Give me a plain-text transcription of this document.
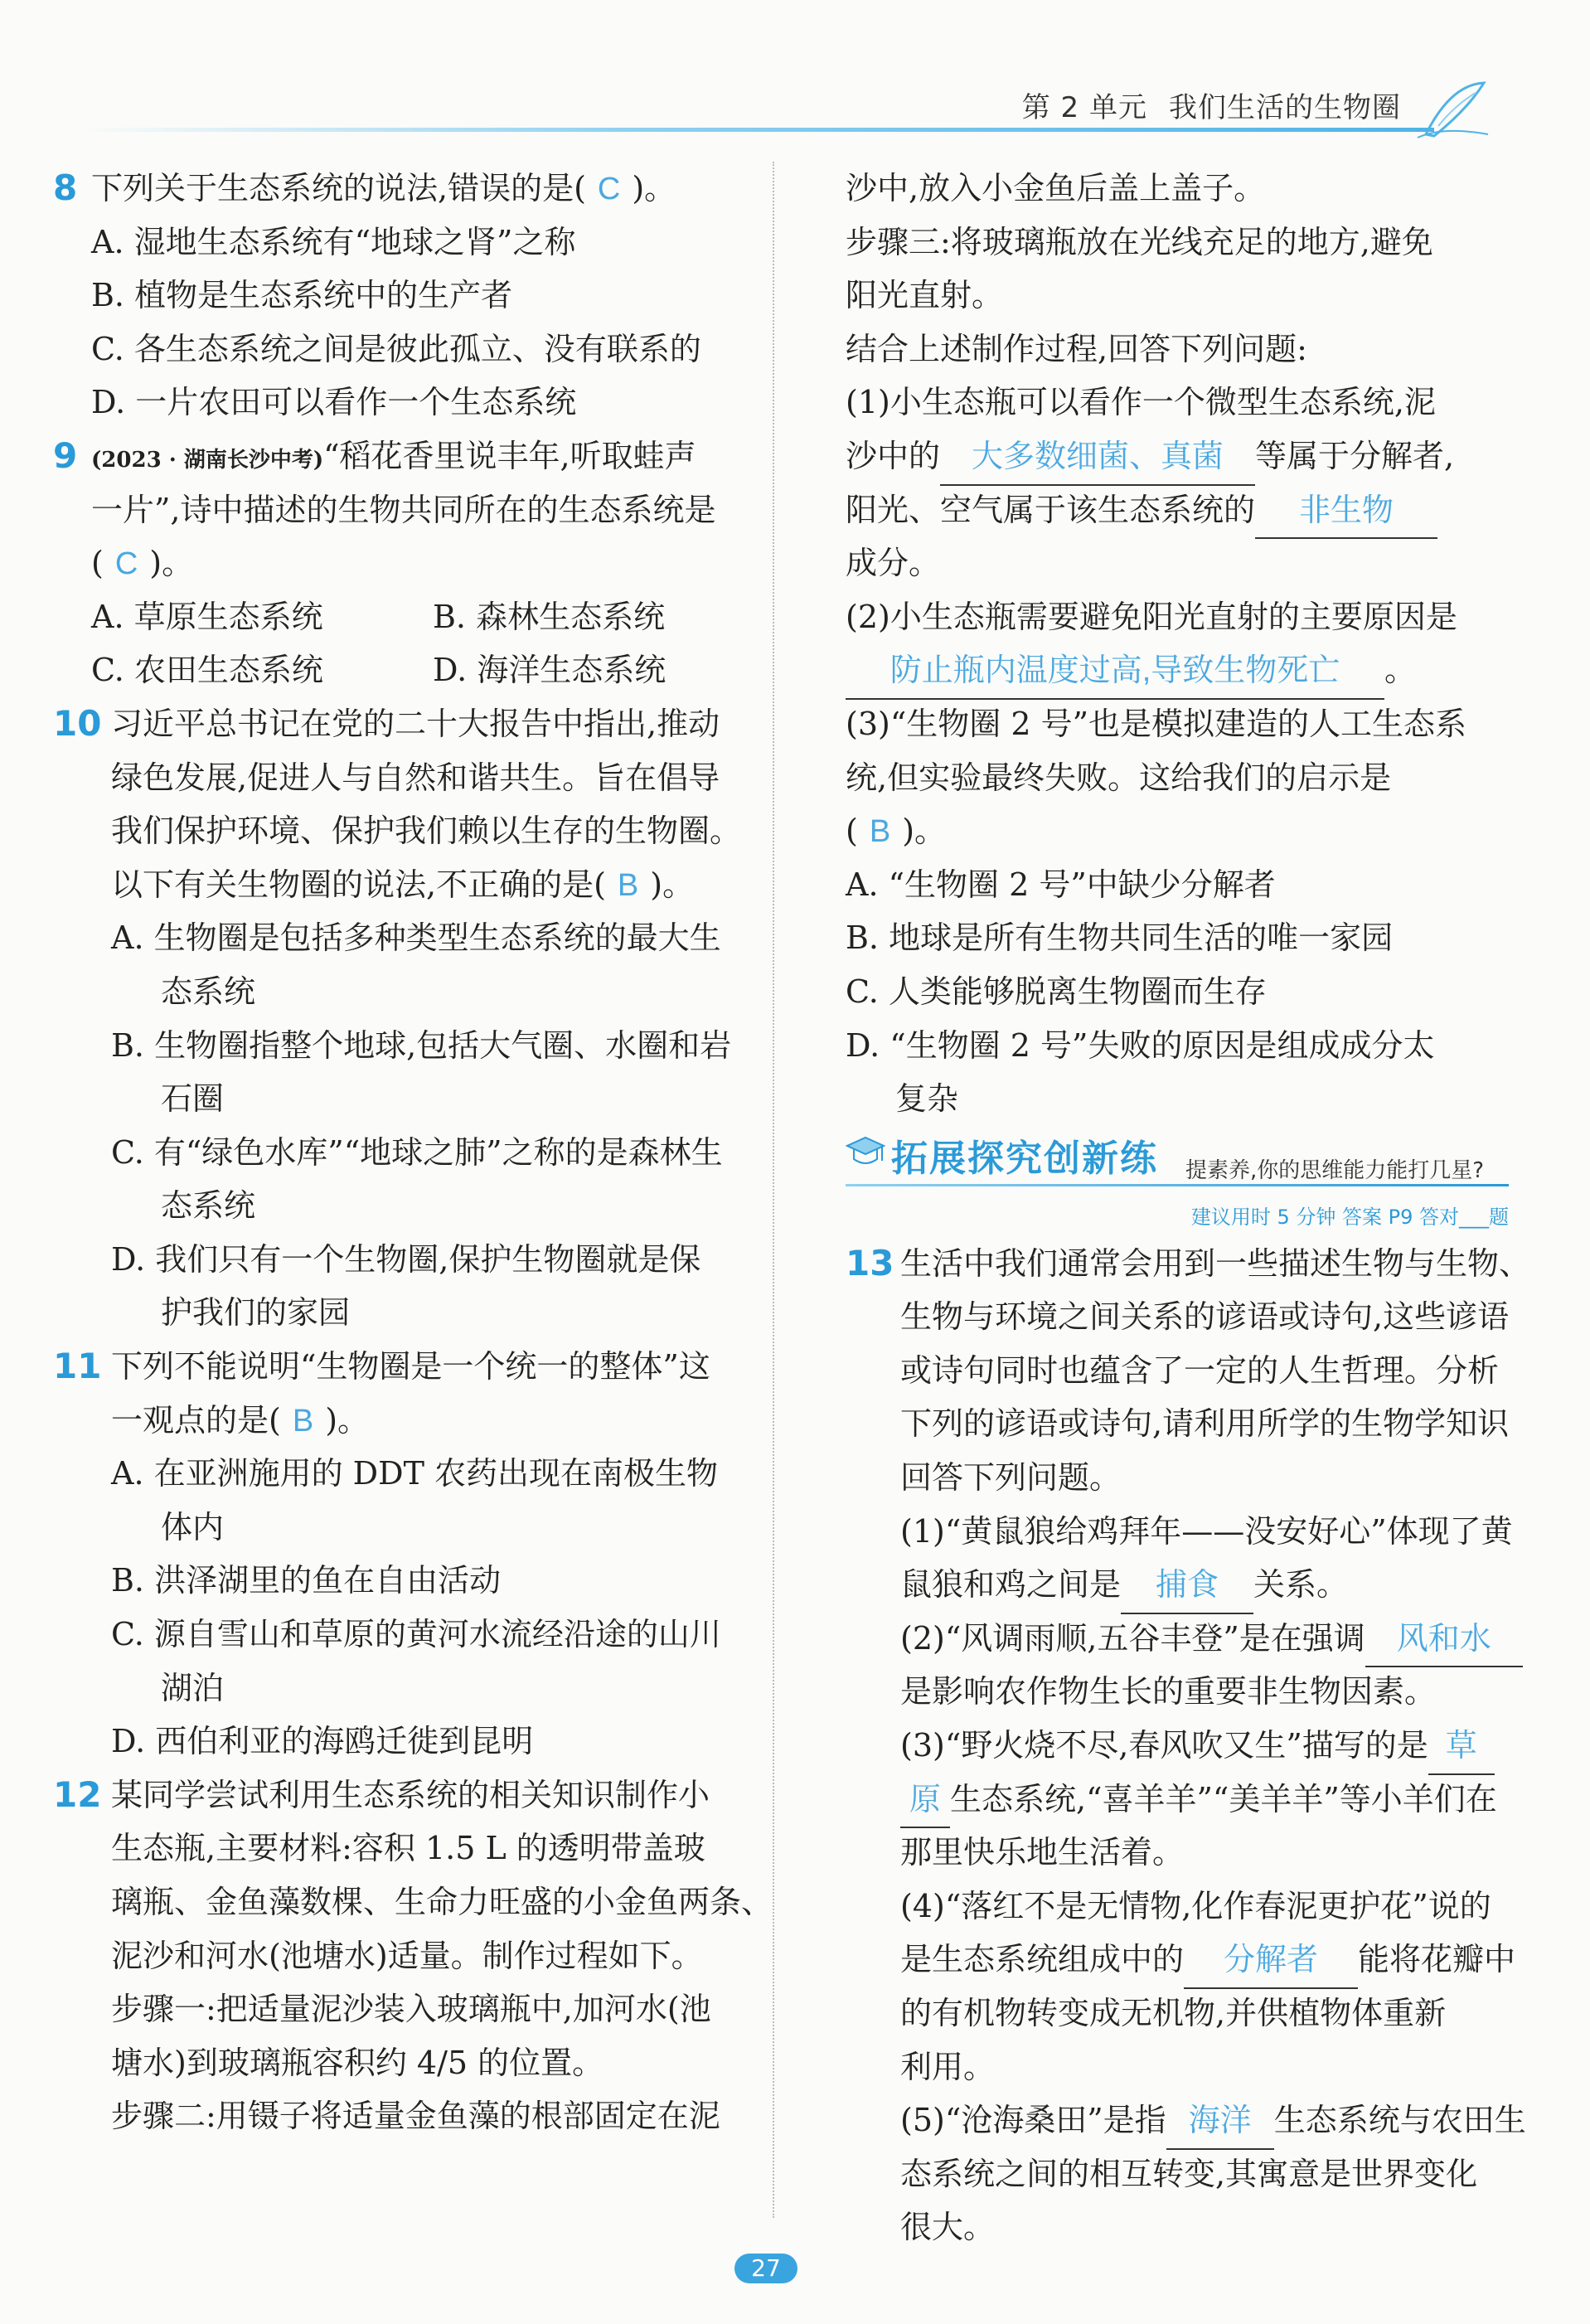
第 2 单元 我们生活的生物圈
8 下列关于生态系统的说法,错误的是( C )。
A. 湿地生态系统有“地球之肾”之称
B. 植物是生态系统中的生产者
C. 各生态系统之间是彼此孤立、没有联系的
D. 一片农田可以看作一个生态系统
9 (2023 · 湖南长沙中考)“稻花香里说丰年,听取蛙声
一片”,诗中描述的生物共同所在的生态系统是
( C )。
A. 草原生态系统	B. 森林生态系统
C. 农田生态系统	D. 海洋生态系统
10 习近平总书记在党的二十大报告中指出,推动
绿色发展,促进人与自然和谐共生。旨在倡导
我们保护环境、保护我们赖以生存的生物圈。
以下有关生物圈的说法,不正确的是( B )。
A. 生物圈是包括多种类型生态系统的最大生
态系统
B. 生物圈指整个地球,包括大气圈、水圈和岩
石圈
C. 有“绿色水库”“地球之肺”之称的是森林生
态系统
D. 我们只有一个生物圈,保护生物圈就是保
护我们的家园
11 下列不能说明“生物圈是一个统一的整体”这
一观点的是( B )。
A. 在亚洲施用的 DDT 农药出现在南极生物
体内
B. 洪泽湖里的鱼在自由活动
C. 源自雪山和草原的黄河水流经沿途的山川
湖泊
D. 西伯利亚的海鸥迁徙到昆明
12 某同学尝试利用生态系统的相关知识制作小
生态瓶,主要材料:容积 1.5 L 的透明带盖玻
璃瓶、金鱼藻数棵、生命力旺盛的小金鱼两条、
泥沙和河水(池塘水)适量。制作过程如下。
步骤一:把适量泥沙装入玻璃瓶中,加河水(池
塘水)到玻璃瓶容积约 4/5 的位置。
步骤二:用镊子将适量金鱼藻的根部固定在泥
沙中,放入小金鱼后盖上盖子。
步骤三:将玻璃瓶放在光线充足的地方,避免
阳光直射。
结合上述制作过程,回答下列问题:
(1)小生态瓶可以看作一个微型生态系统,泥
沙中的 大多数细菌、真菌 等属于分解者,
阳光、空气属于该生态系统的 非生物
成分。
(2)小生态瓶需要避免阳光直射的主要原因是
防止瓶内温度过高,导致生物死亡 。
(3)“生物圈 2 号”也是模拟建造的人工生态系
统,但实验最终失败。这给我们的启示是
( B )。
A. “生物圈 2 号”中缺少分解者
B. 地球是所有生物共同生活的唯一家园
C. 人类能够脱离生物圈而生存
D. “生物圈 2 号”失败的原因是组成成分太
复杂
拓展探究创新练 提素养,你的思维能力能打几星?
建议用时 5 分钟 答案 P9 答对___题
13 生活中我们通常会用到一些描述生物与生物、
生物与环境之间关系的谚语或诗句,这些谚语
或诗句同时也蕴含了一定的人生哲理。分析
下列的谚语或诗句,请利用所学的生物学知识
回答下列问题。
(1)“黄鼠狼给鸡拜年——没安好心”体现了黄
鼠狼和鸡之间是 捕食 关系。
(2)“风调雨顺,五谷丰登”是在强调 风和水
是影响农作物生长的重要非生物因素。
(3)“野火烧不尽,春风吹又生”描写的是 草
原 生态系统,“喜羊羊”“美羊羊”等小羊们在
那里快乐地生活着。
(4)“落红不是无情物,化作春泥更护花”说的
是生态系统组成中的 分解者 能将花瓣中
的有机物转变成无机物,并供植物体重新
利用。
(5)“沧海桑田”是指 海洋 生态系统与农田生
态系统之间的相互转变,其寓意是世界变化
很大。
27
